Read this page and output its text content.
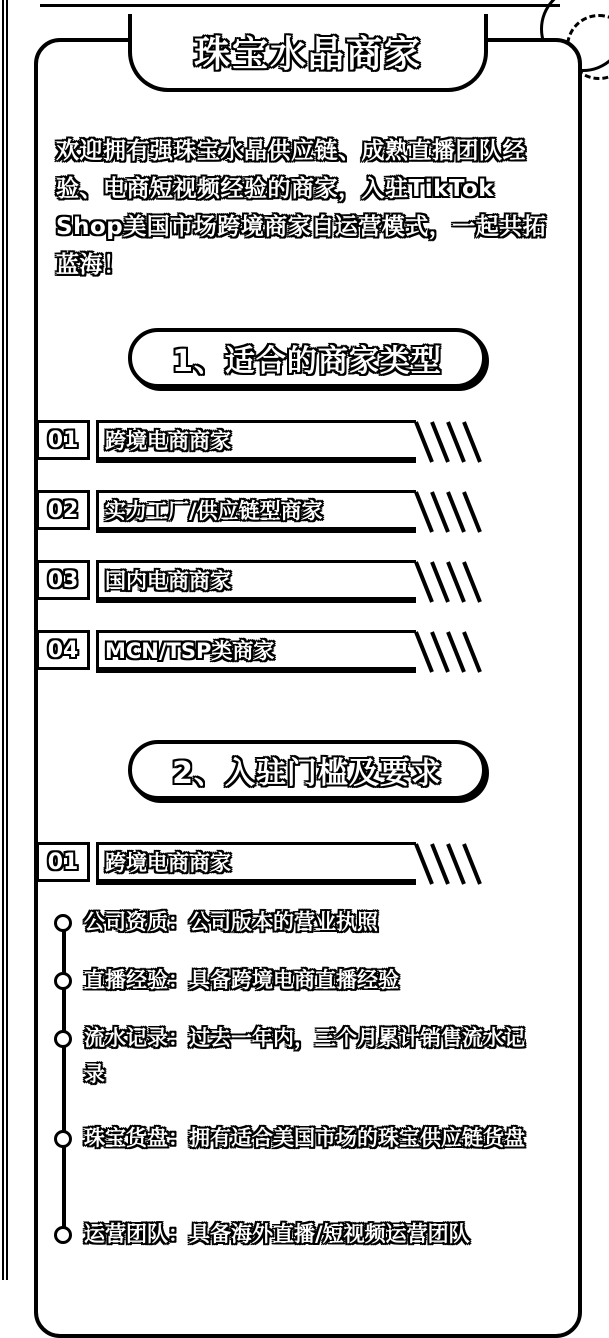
珠宝水晶商家
欢迎拥有强珠宝水晶供应链、成熟直播团队经验、电商短视频经验的商家，入驻TikTok Shop美国市场跨境商家自运营模式，一起共拓蓝海！
1、适合的商家类型
01	跨境电商商家
02	实力工厂/供应链型商家
03	国内电商商家
04	MCN/TSP类商家
2、入驻门槛及要求
01	跨境电商商家
公司资质：公司版本的营业执照
直播经验：具备跨境电商直播经验
流水记录：过去一年内，三个月累计销售流水记录
珠宝货盘：拥有适合美国市场的珠宝供应链货盘
运营团队：具备海外直播/短视频运营团队
